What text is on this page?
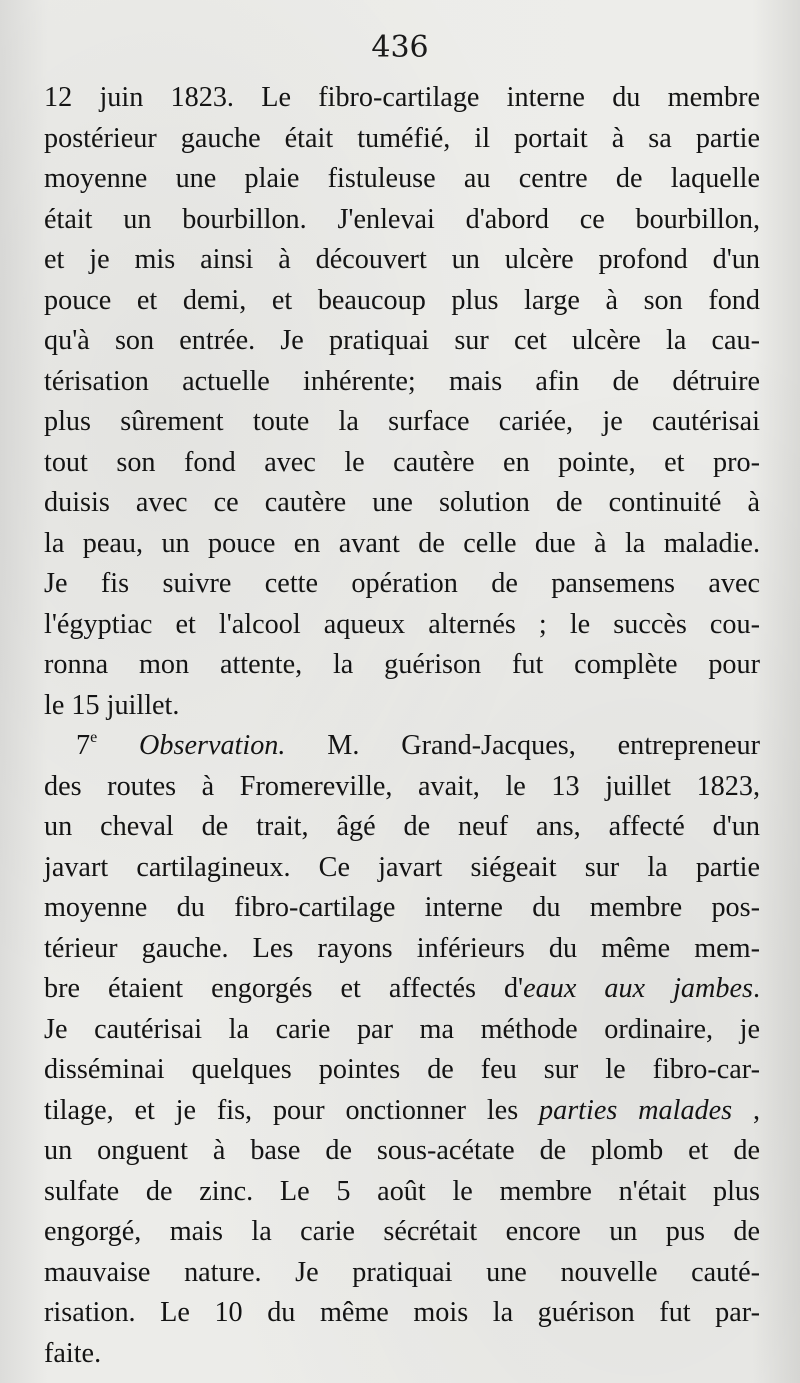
436
12 juin 1823. Le fibro-cartilage interne du membre
postérieur gauche était tuméfié, il portait à sa partie
moyenne une plaie fistuleuse au centre de laquelle
était un bourbillon. J'enlevai d'abord ce bourbillon,
et je mis ainsi à découvert un ulcère profond d'un
pouce et demi, et beaucoup plus large à son fond
qu'à son entrée. Je pratiquai sur cet ulcère la cau-
térisation actuelle inhérente; mais afin de détruire
plus sûrement toute la surface cariée, je cautérisai
tout son fond avec le cautère en pointe, et pro-
duisis avec ce cautère une solution de continuité à
la peau, un pouce en avant de celle due à la maladie.
Je fis suivre cette opération de pansemens avec
l'égyptiac et l'alcool aqueux alternés ; le succès cou-
ronna mon attente, la guérison fut complète pour
le 15 juillet.
7e Observation. M. Grand-Jacques, entrepreneur
des routes à Fromereville, avait, le 13 juillet 1823,
un cheval de trait, âgé de neuf ans, affecté d'un
javart cartilagineux. Ce javart siégeait sur la partie
moyenne du fibro-cartilage interne du membre pos-
térieur gauche. Les rayons inférieurs du même mem-
bre étaient engorgés et affectés d'eaux aux jambes.
Je cautérisai la carie par ma méthode ordinaire, je
disséminai quelques pointes de feu sur le fibro-car-
tilage, et je fis, pour onctionner les parties malades ,
un onguent à base de sous-acétate de plomb et de
sulfate de zinc. Le 5 août le membre n'était plus
engorgé, mais la carie sécrétait encore un pus de
mauvaise nature. Je pratiquai une nouvelle cauté-
risation. Le 10 du même mois la guérison fut par-
faite.
